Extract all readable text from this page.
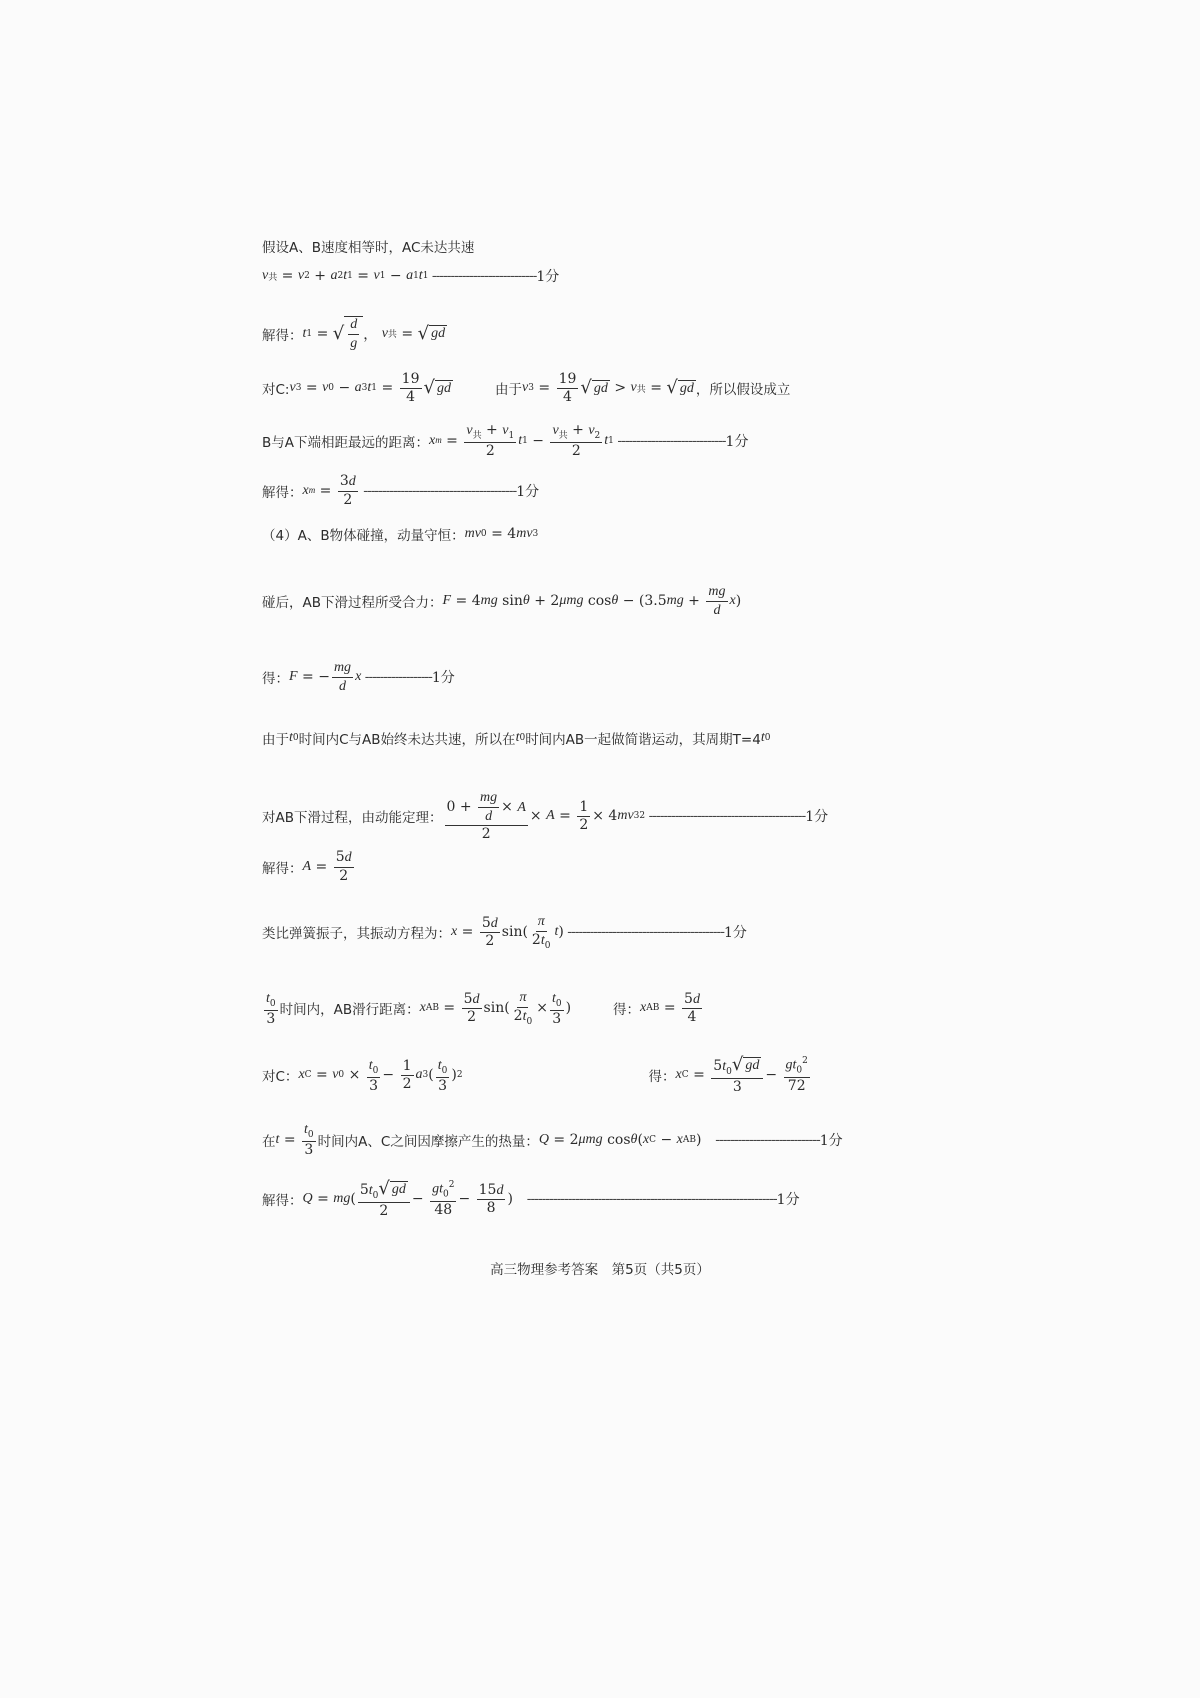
假设A、B速度相等时，AC未达共速
v 共 = v 2 + a 2 t 1 = v 1 − a 1 t 1 ---------------------------- 1分
解得： t 1 = √ $\frac{d}{g}$ ， v 共 = √ gd
对C: v 3 = v 0 − a 3 t $1 = \frac{19}{4}$ √ gd	由于 v $3 = \frac{19}{4}$ √ gd > v 共 = √ gd ，所以假设成立
B与A下端相距最远的距离： x $m = \frac{v_共 + v_1}{2}$ t $1 - \frac{v_共 + v_2}{2}$ t 1 ----------------------------- 1分
解得： x $m = \frac{3d}{2}$ ----------------------------------------- 1分
（4）A、B物体碰撞，动量守恒： mv 0 = 4 mv 3
碰后，AB下滑过程所受合力： F = 4 mg sin θ + 2 μmg cos θ − (3.5 mg + $\frac{mg}{d}$ x )
得： F = − $\frac{mg}{d}$ x ------------------ 1分
由于 t 0 时间内C与AB始终未达共速，所以在 t 0 时间内AB一起做简谐运动，其周期T=4 t 0
对AB下滑过程，由动能定理： $\frac{0 + \frac{mg}{d} \times A}{2} \times A = \frac{1}{2} \times 4$ mv 3 2 ------------------------------------------ 1分
解得： $A = \frac{5d}{2}$
类比弹簧振子，其振动方程为： $x = \frac{5d}{2} \sin( \frac{\pi}{2t_0}$ t ) ------------------------------------------ 1分
$\frac{t_0}{3}$ 时间内，AB滑行距离： x AB = $\frac{5d}{2} \sin( \frac{\pi}{2t_0} \times \frac{t_0}{3}$ )	得： x AB = $\frac{5d}{4}$
对C： x C = v $0 \times \frac{t_0}{3} - \frac{1}{2}$ a 3 ( $\frac{t_0}{3}$ ) 2	得： x $C = \frac{5t_0 √ gd}{3} - \frac{gt_0^2}{72}$
在 $t = \frac{t_0}{3}$ 时间内A、C之间因摩擦产生的热量： Q = 2 μmg cos θ ( x C − x AB ) ---------------------------- 1分
解得： Q = mg ( $\frac{5t_0 √ gd}{2} - \frac{gt_0^2}{48} - \frac{15d}{8}$ ) ------------------------------------------------------------------- 1分
高三物理参考答案　第5页（共5页）
